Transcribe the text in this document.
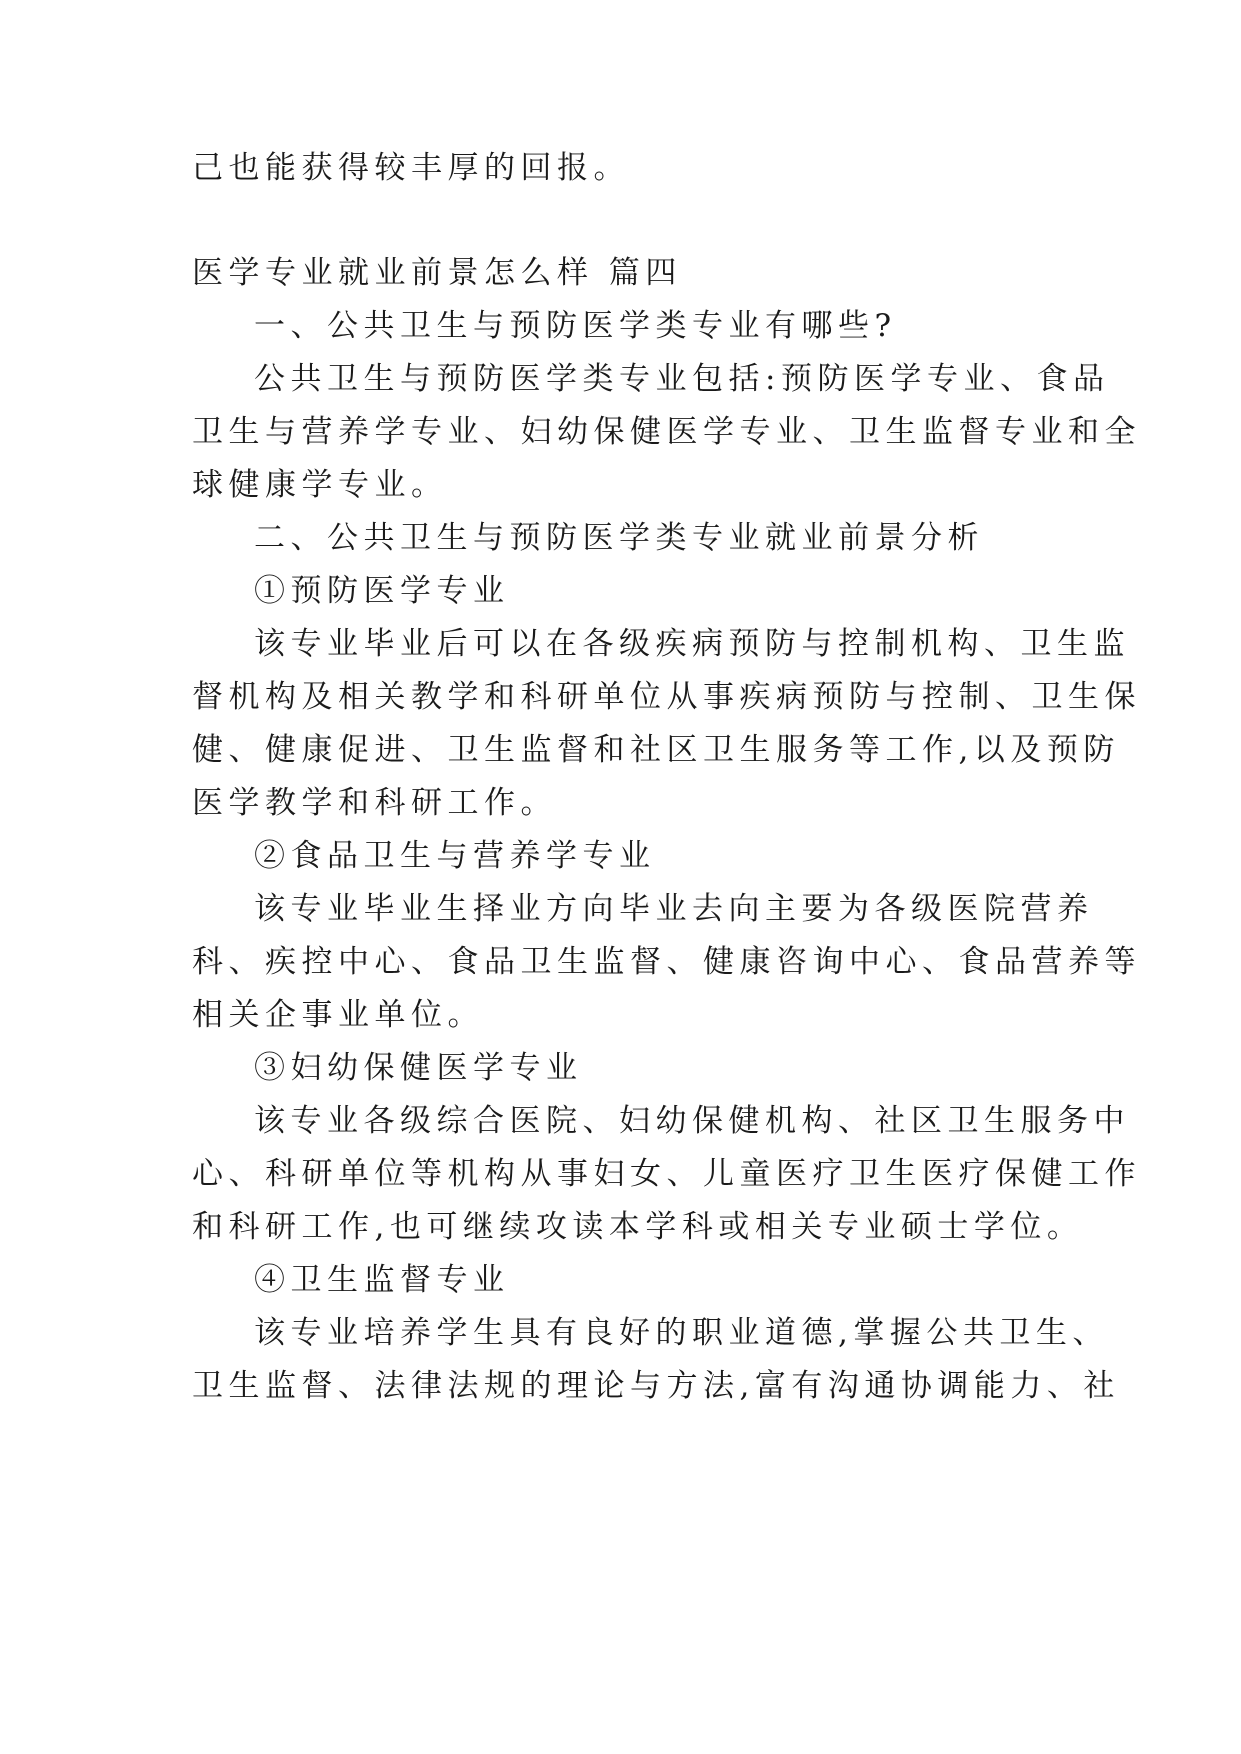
己也能获得较丰厚的回报。
医学专业就业前景怎么样 篇四
一、公共卫生与预防医学类专业有哪些?
公共卫生与预防医学类专业包括:预防医学专业、食品
卫生与营养学专业、妇幼保健医学专业、卫生监督专业和全
球健康学专业。
二、公共卫生与预防医学类专业就业前景分析
①预防医学专业
该专业毕业后可以在各级疾病预防与控制机构、卫生监
督机构及相关教学和科研单位从事疾病预防与控制、卫生保
健、健康促进、卫生监督和社区卫生服务等工作,以及预防
医学教学和科研工作。
②食品卫生与营养学专业
该专业毕业生择业方向毕业去向主要为各级医院营养
科、疾控中心、食品卫生监督、健康咨询中心、食品营养等
相关企事业单位。
③妇幼保健医学专业
该专业各级综合医院、妇幼保健机构、社区卫生服务中
心、科研单位等机构从事妇女、儿童医疗卫生医疗保健工作
和科研工作,也可继续攻读本学科或相关专业硕士学位。
④卫生监督专业
该专业培养学生具有良好的职业道德,掌握公共卫生、
卫生监督、法律法规的理论与方法,富有沟通协调能力、社
